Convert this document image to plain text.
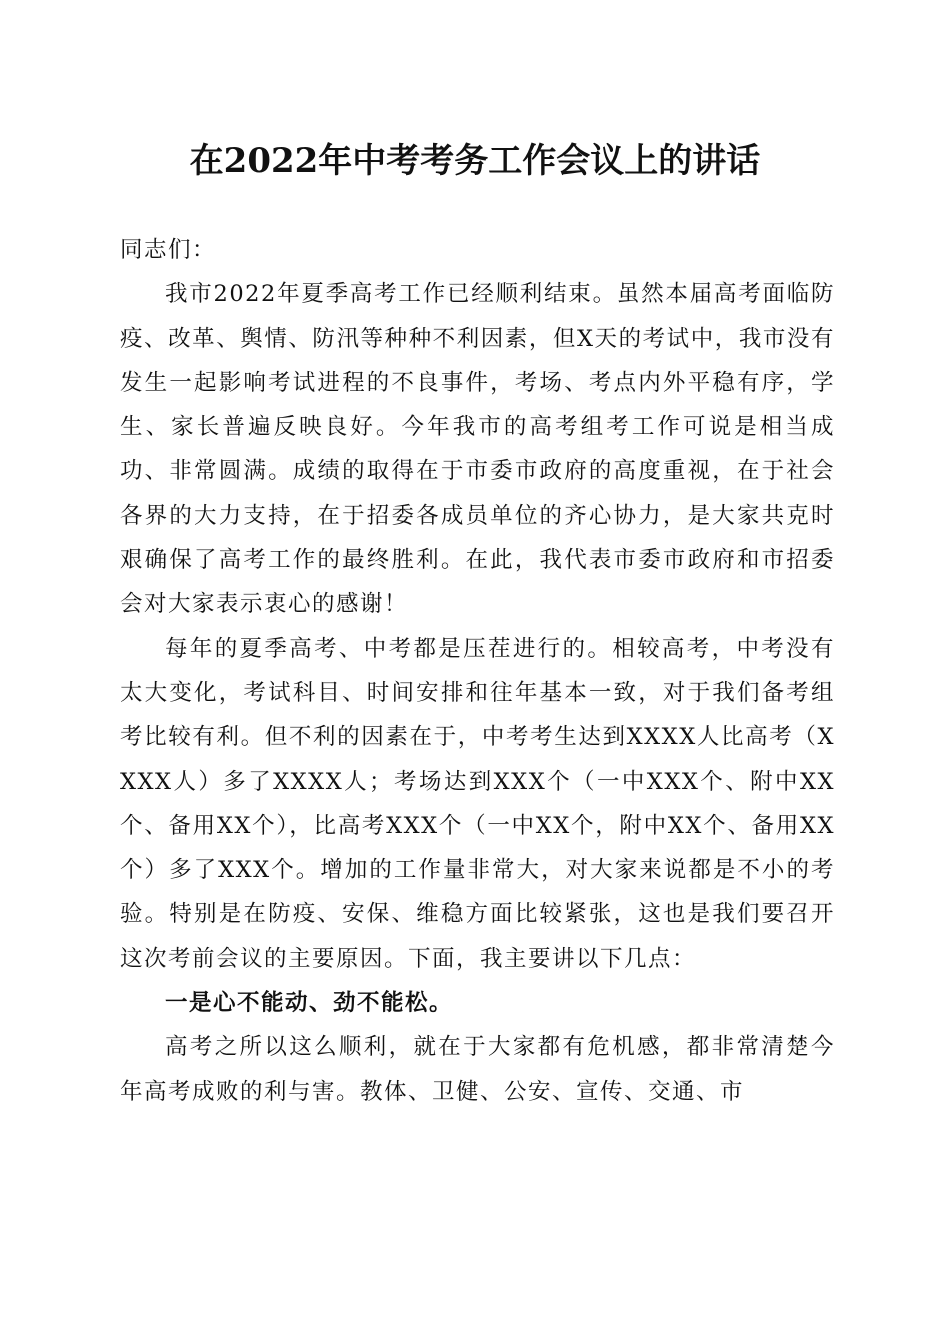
在2022年中考考务工作会议上的讲话

同志们：

我市2022年夏季高考工作已经顺利结束。虽然本届高考面临防疫、改革、舆情、防汛等种种不利因素，但X天的考试中，我市没有发生一起影响考试进程的不良事件，考场、考点内外平稳有序，学生、家长普遍反映良好。今年我市的高考组考工作可说是相当成功、非常圆满。成绩的取得在于市委市政府的高度重视，在于社会各界的大力支持，在于招委各成员单位的齐心协力，是大家共克时艰确保了高考工作的最终胜利。在此，我代表市委市政府和市招委会对大家表示衷心的感谢！

每年的夏季高考、中考都是压茬进行的。相较高考，中考没有太大变化，考试科目、时间安排和往年基本一致，对于我们备考组考比较有利。但不利的因素在于，中考考生达到XXXX人比高考（XXXX人）多了XXXX人；考场达到XXX个（一中XXX个、附中XX个、备用XX个），比高考XXX个（一中XX个，附中XX个、备用XX个）多了XXX个。增加的工作量非常大，对大家来说都是不小的考验。特别是在防疫、安保、维稳方面比较紧张，这也是我们要召开这次考前会议的主要原因。下面，我主要讲以下几点：

一是心不能动、劲不能松。

高考之所以这么顺利，就在于大家都有危机感，都非常清楚今年高考成败的利与害。教体、卫健、公安、宣传、交通、市
